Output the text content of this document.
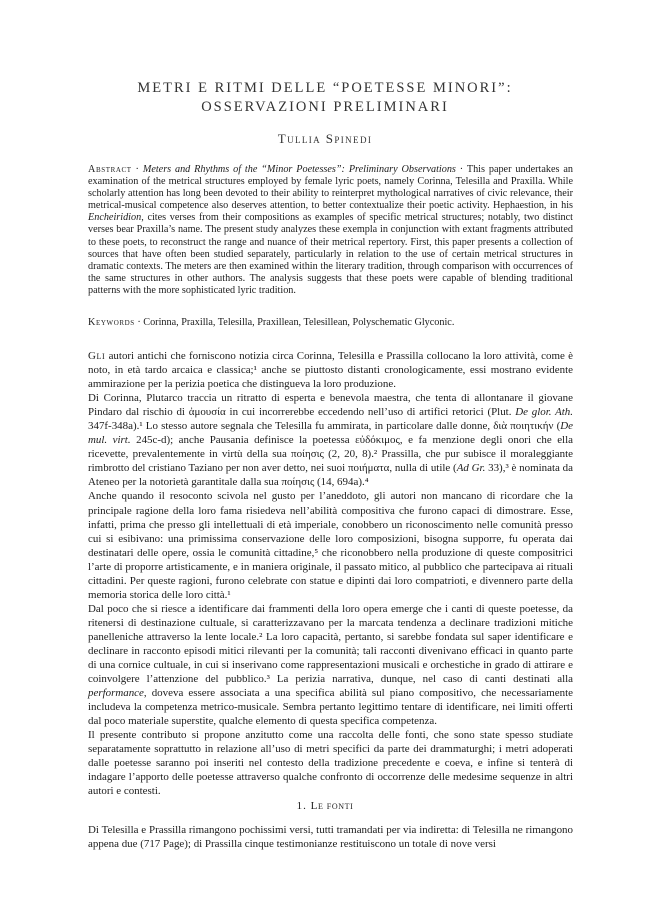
METRI E RITMI DELLE “POETESSE MINORI”:
OSSERVAZIONI PRELIMINARI
Tullia Spinedi
Abstract · Meters and Rhythms of the “Minor Poetesses”: Preliminary Observations · This paper undertakes an examination of the metrical structures employed by female lyric poets, namely Corinna, Telesilla and Praxilla. While scholarly attention has long been devoted to their ability to reinterpret mythological narratives of civic relevance, their metrical-musical competence also deserves attention, to better contextualize their poetic activity. Hephaestion, in his Encheiridion, cites verses from their compositions as examples of specific metrical structures; notably, two distinct verses bear Praxilla’s name. The present study analyzes these exempla in conjunction with extant fragments attributed to these poets, to reconstruct the range and nuance of their metrical repertory. First, this paper presents a collection of sources that have often been studied separately, particularly in relation to the use of certain metrical structures in dramatic contexts. The meters are then examined within the literary tradition, through comparison with occurrences of the same structures in other authors. The analysis suggests that these poets were capable of blending traditional patterns with the more sophisticated lyric tradition.
Keywords · Corinna, Praxilla, Telesilla, Praxillean, Telesillean, Polyschematic Glyconic.

Gli autori antichi che forniscono notizia circa Corinna, Telesilla e Prassilla collocano la loro attività, come è noto, in età tardo arcaica e classica;¹ anche se piuttosto distanti cronologicamente, essi mostrano evidente ammirazione per la perizia poetica che distingueva la loro produzione.

Di Corinna, Plutarco traccia un ritratto di esperta e benevola maestra, che tenta di allontanare il giovane Pindaro dal rischio di ἀμουσία in cui incorrerebbe eccedendo nell’uso di artifici retorici (Plut. De glor. Ath. 347f-348a).¹ Lo stesso autore segnala che Telesilla fu ammirata, in particolare dalle donne, διὰ ποιητικήν (De mul. virt. 245c-d); anche Pausania definisce la poetessa εὐδόκιμος, e fa menzione degli onori che ella ricevette, prevalentemente in virtù della sua ποίησις (2, 20, 8).² Prassilla, che pur subisce il moraleggiante rimbrotto del cristiano Taziano per non aver detto, nei suoi ποιήματα, nulla di utile (Ad Gr. 33),³ è nominata da Ateneo per la notorietà garantitale dalla sua ποίησις (14, 694a).⁴

Anche quando il resoconto scivola nel gusto per l’aneddoto, gli autori non mancano di ricordare che la principale ragione della loro fama risiedeva nell’abilità compositiva che furono capaci di dimostrare. Esse, infatti, prima che presso gli intellettuali di età imperiale, conobbero un riconoscimento nelle comunità presso cui si esibivano: una primissima conservazione delle loro composizioni, bisogna supporre, fu operata dai destinatari delle opere, ossia le comunità cittadine,⁵ che riconobbero nella produzione di queste compositrici l’arte di proporre artisticamente, e in maniera originale, il passato mitico, al pubblico che partecipava ai rituali cittadini. Per queste ragioni, furono celebrate con statue e dipinti dai loro compatrioti, e divennero parte della memoria storica delle loro città.¹

Dal poco che si riesce a identificare dai frammenti della loro opera emerge che i canti di queste poetesse, da ritenersi di destinazione cultuale, si caratterizzavano per la marcata tendenza a declinare tradizioni mitiche panelleniche attraverso la lente locale.² La loro capacità, pertanto, si sarebbe fondata sul saper identificare e declinare in racconto episodi mitici rilevanti per la comunità; tali racconti divenivano efficaci in quanto parte di una cornice cultuale, in cui si inserivano come rappresentazioni musicali e orchestiche in grado di attirare e coinvolgere l’attenzione del pubblico.³ La perizia narrativa, dunque, nel caso di canti destinati alla performance, doveva essere associata a una specifica abilità sul piano compositivo, che necessariamente includeva la competenza metrico-musicale. Sembra pertanto legittimo tentare di identificare, nei limiti offerti dal poco materiale superstite, qualche elemento di questa specifica competenza.

Il presente contributo si propone anzitutto come una raccolta delle fonti, che sono state spesso studiate separatamente soprattutto in relazione all’uso di metri specifici da parte dei drammaturghi; i metri adoperati dalle poetesse saranno poi inseriti nel contesto della tradizione precedente e coeva, e infine si tenterà di indagare l’apporto delle poetesse attraverso qualche confronto di occorrenze delle medesime sequenze in altri autori e contesti.

1. Le fonti
Di Telesilla e Prassilla rimangono pochissimi versi, tutti tramandati per via indiretta: di Telesilla ne rimangono appena due (717 Page); di Prassilla cinque testimonianze restituiscono un totale di nove versi
